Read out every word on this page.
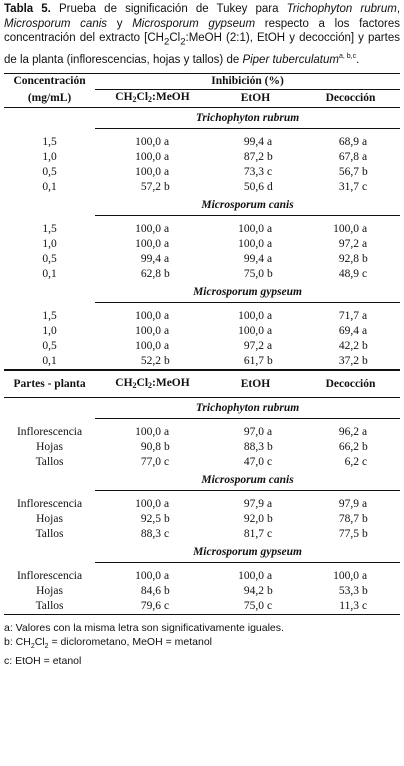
Tabla 5. Prueba de significación de Tukey para Trichophyton rubrum, Microsporum canis y Microsporum gypseum respecto a los factores concentración del extracto [$CH_2Cl_2:MeOH$ (2:1), EtOH y decocción] y partes de la planta (inflorescencias, hojas y tallos) de Piper tuberculatum$^{a, b,c}$.

Concentración	Inhibición (%)		
(mg/mL)	$CH_2Cl_2:MeOH$	EtOH	Decocción
	Trichophyton rubrum		

1,5	100,0 a	99,4 a	68,9 a
1,0	100,0 a	87,2 b	67,8 a
0,5	100,0 a	73,3 c	56,7 b
0,1	57,2 b	50,6 d	31,7 c
	Microsporum canis		

1,5	100,0 a	100,0 a	100,0 a
1,0	100,0 a	100,0 a	97,2 a
0,5	99,4 a	99,4 a	92,8 b
0,1	62,8 b	75,0 b	48,9 c
	Microsporum gypseum		

1,5	100,0 a	100,0 a	71,7 a
1,0	100,0 a	100,0 a	69,4 a
0,5	100,0 a	97,2 a	42,2 b
0,1	52,2 b	61,7 b	37,2 b
Partes - planta	$CH_2Cl_2:MeOH$	EtOH	Decocción
	Trichophyton rubrum		

Inflorescencia	100,0 a	97,0 a	96,2 a
Hojas	90,8 b	88,3 b	66,2 b
Tallos	77,0 c	47,0 c	6,2 c
	Microsporum canis		

Inflorescencia	100,0 a	97,9 a	97,9 a
Hojas	92,5 b	92,0 b	78,7 b
Tallos	88,3 c	81,7 c	77,5 b
	Microsporum gypseum		

Inflorescencia	100,0 a	100,0 a	100,0 a
Hojas	84,6 b	94,2 b	53,3 b
Tallos	79,6 c	75,0 c	11,3 c
a: Valores con la misma letra son significativamente iguales.
b: $CH_2Cl_2$ = diclorometano, MeOH = metanol
c: EtOH = etanol
